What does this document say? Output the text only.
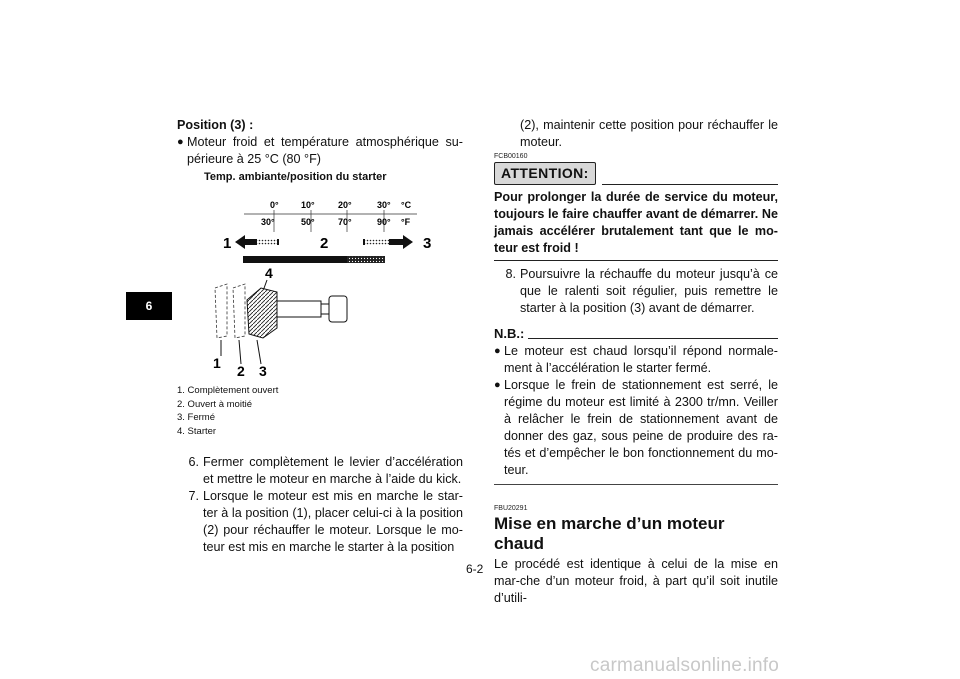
6
Position (3) :
● Moteur froid et température atmosphérique su-périeure à 25 °C (80 °F)
Temp. ambiante/position du starter
0° 10°	20°	30° °C
30°	50°	70°	90° °F
1	2	3
4
1 2 3
1. Complètement ouvert
2. Ouvert à moitié
3. Fermé
4. Starter
6. Fermer complètement le levier d’accélération et mettre le moteur en marche à l’aide du kick.
7. Lorsque le moteur est mis en marche le star-ter à la position (1), placer celui-ci à la position (2) pour réchauffer le moteur. Lorsque le mo-teur est mis en marche le starter à la position
(2), maintenir cette position pour réchauffer le moteur.
FCB00160
ATTENTION:
Pour prolonger la durée de service du moteur, toujours le faire chauffer avant de démarrer. Ne jamais accélérer brutalement tant que le mo-teur est froid !
8. Poursuivre la réchauffe du moteur jusqu’à ce que le ralenti soit régulier, puis remettre le starter à la position (3) avant de démarrer.
N.B.:
● Le moteur est chaud lorsqu’il répond normale-ment à l’accélération le starter fermé.
● Lorsque le frein de stationnement est serré, le régime du moteur est limité à 2300 tr/mn. Veiller à relâcher le frein de stationnement avant de donner des gaz, sous peine de produire des ra-tés et d’empêcher le bon fonctionnement du mo-teur.
FBU20291
Mise en marche d’un moteur chaud
Le procédé est identique à celui de la mise en mar-che d’un moteur froid, à part qu’il soit inutile d’utili-
6-2
carmanualsonline.info
